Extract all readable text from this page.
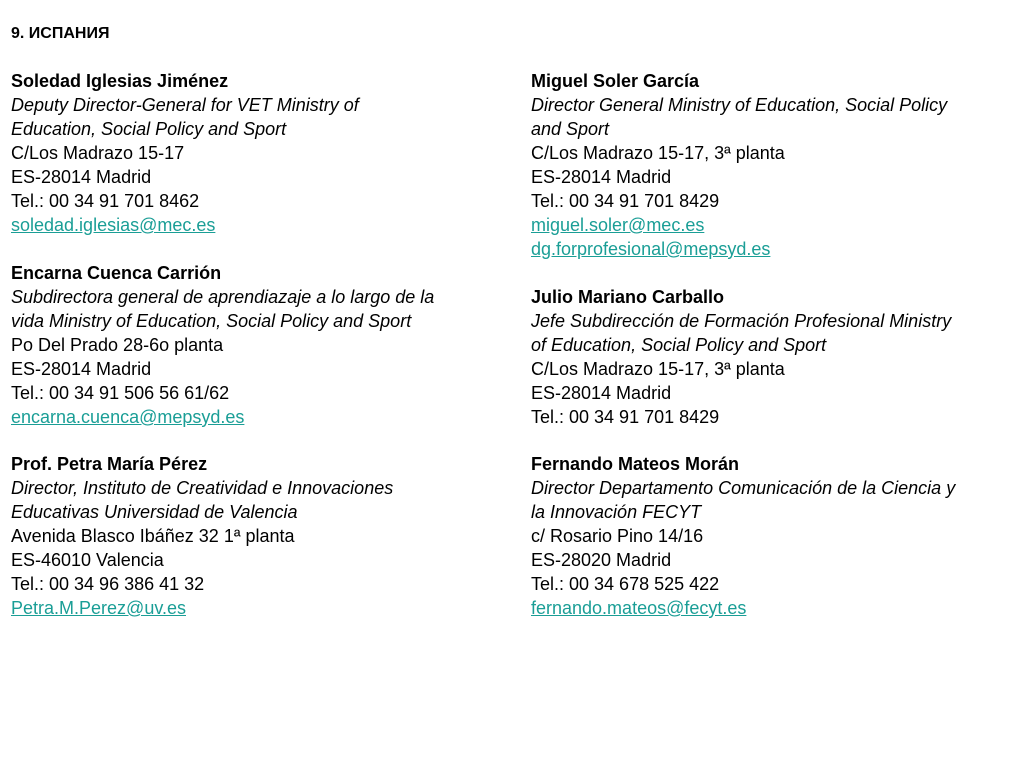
9. ИСПАНИЯ
Soledad Iglesias Jiménez
Deputy Director-General for VET Ministry of
Education, Social Policy and Sport
C/Los Madrazo 15-17
ES-28014 Madrid
Tel.: 00 34 91 701 8462
soledad.iglesias@mec.es
Encarna Cuenca Carrión
Subdirectora general de aprendiazaje a lo largo de la
vida Ministry of Education, Social Policy and Sport
Po Del Prado 28-6o planta
ES-28014 Madrid
Tel.: 00 34 91 506 56 61/62
encarna.cuenca@mepsyd.es
Prof. Petra María Pérez
Director, Instituto de Creatividad e Innovaciones
Educativas Universidad de Valencia
Avenida Blasco Ibáñez 32 1ª planta
ES-46010 Valencia
Tel.: 00 34 96 386 41 32
Petra.M.Perez@uv.es
Miguel Soler García
Director General Ministry of Education, Social Policy
and Sport
C/Los Madrazo 15-17, 3ª planta
ES-28014 Madrid
Tel.: 00 34 91 701 8429
miguel.soler@mec.es
dg.forprofesional@mepsyd.es
Julio Mariano Carballo
Jefe Subdirección de Formación Profesional Ministry
of Education, Social Policy and Sport
C/Los Madrazo 15-17, 3ª planta
ES-28014 Madrid
Tel.: 00 34 91 701 8429
Fernando Mateos Morán
Director Departamento Comunicación de la Ciencia y
la Innovación FECYT
c/ Rosario Pino 14/16
ES-28020 Madrid
Tel.: 00 34 678 525 422
fernando.mateos@fecyt.es
